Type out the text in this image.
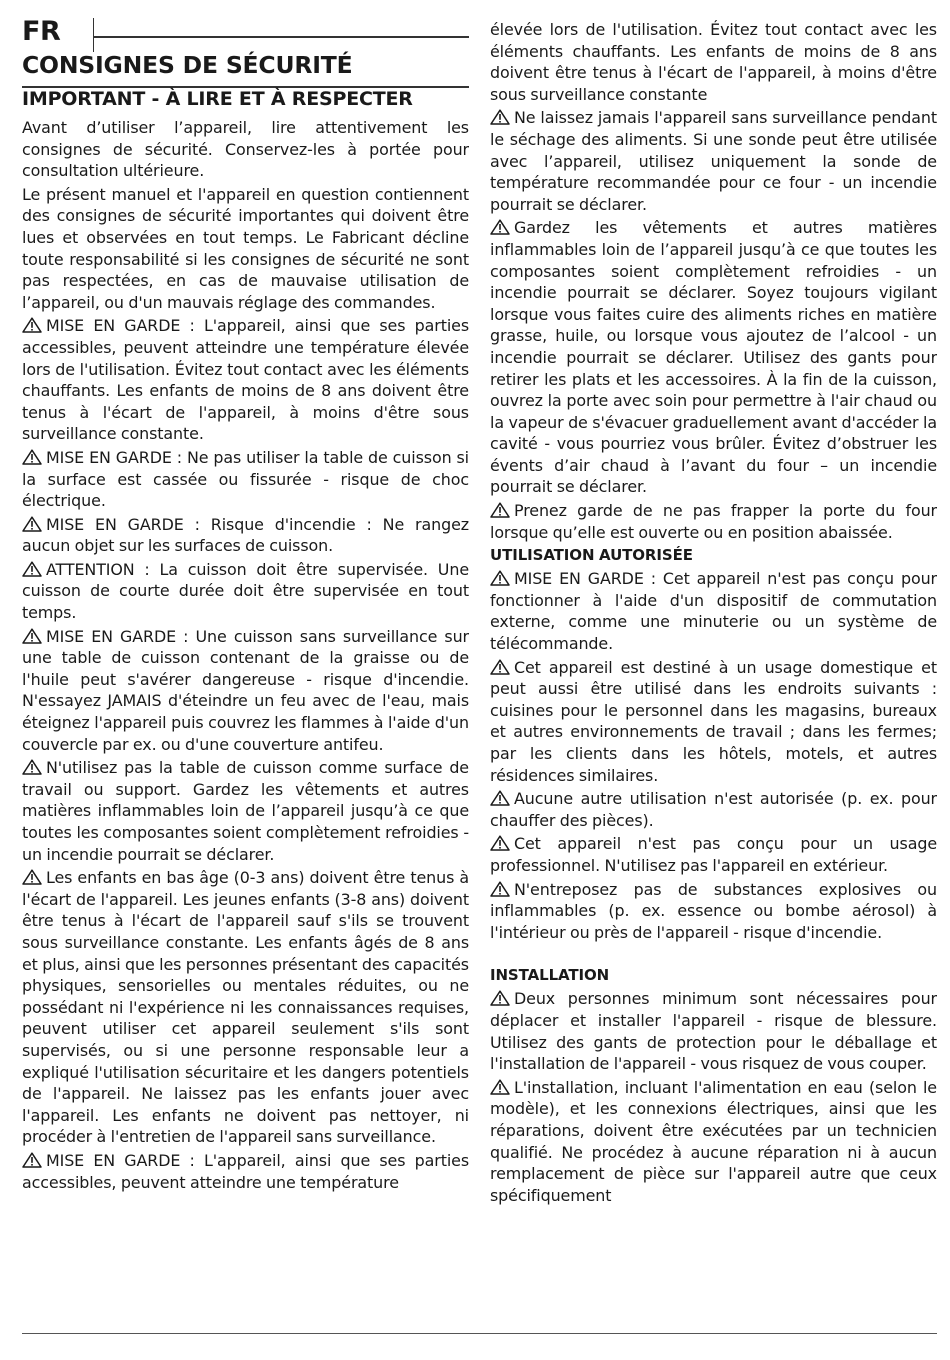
FR
CONSIGNES DE SÉCURITÉ
IMPORTANT - À LIRE ET À RESPECTER

Avant d’utiliser l’appareil, lire attentivement les consignes de sécurité. Conservez-les à portée pour consultation ultérieure.

Le présent manuel et l'appareil en question contiennent des consignes de sécurité importantes qui doivent être lues et observées en tout temps. Le Fabricant décline toute responsabilité si les consignes de sécurité ne sont pas respectées, en cas de mauvaise utilisation de l’appareil, ou d'un mauvais réglage des commandes.

MISE EN GARDE : L'appareil, ainsi que ses parties accessibles, peuvent atteindre une température élevée lors de l'utilisation. Évitez tout contact avec les éléments chauffants. Les enfants de moins de 8 ans doivent être tenus à l'écart de l'appareil, à moins d'être sous surveillance constante.

MISE EN GARDE : Ne pas utiliser la table de cuisson si la surface est cassée ou fissurée - risque de choc électrique.

MISE EN GARDE : Risque d'incendie : Ne rangez aucun objet sur les surfaces de cuisson.

ATTENTION : La cuisson doit être supervisée. Une cuisson de courte durée doit être supervisée en tout temps.

MISE EN GARDE : Une cuisson sans surveillance sur une table de cuisson contenant de la graisse ou de l'huile peut s'avérer dangereuse - risque d'incendie. N'essayez JAMAIS d'éteindre un feu avec de l'eau, mais éteignez l'appareil puis couvrez les flammes à l'aide d'un couvercle par ex. ou d'une couverture antifeu.

N'utilisez pas la table de cuisson comme surface de travail ou support. Gardez les vêtements et autres matières inflammables loin de l’appareil jusqu’à ce que toutes les composantes soient complètement refroidies - un incendie pourrait se déclarer.

Les enfants en bas âge (0-3 ans) doivent être tenus à l'écart de l'appareil. Les jeunes enfants (3-8 ans) doivent être tenus à l'écart de l'appareil sauf s'ils se trouvent sous surveillance constante. Les enfants âgés de 8 ans et plus, ainsi que les personnes présentant des capacités physiques, sensorielles ou mentales réduites, ou ne possédant ni l'expérience ni les connaissances requises, peuvent utiliser cet appareil seulement s'ils sont supervisés, ou si une personne responsable leur a expliqué l'utilisation sécuritaire et les dangers potentiels de l'appareil. Ne laissez pas les enfants jouer avec l'appareil. Les enfants ne doivent pas nettoyer, ni procéder à l'entretien de l'appareil sans surveillance.

MISE EN GARDE : L'appareil, ainsi que ses parties accessibles, peuvent atteindre une température

élevée lors de l'utilisation. Évitez tout contact avec les éléments chauffants. Les enfants de moins de 8 ans doivent être tenus à l'écart de l'appareil, à moins d'être sous surveillance constante

Ne laissez jamais l'appareil sans surveillance pendant le séchage des aliments. Si une sonde peut être utilisée avec l’appareil, utilisez uniquement la sonde de température recommandée pour ce four - un incendie pourrait se déclarer.

Gardez les vêtements et autres matières inflammables loin de l’appareil jusqu’à ce que toutes les composantes soient complètement refroidies - un incendie pourrait se déclarer. Soyez toujours vigilant lorsque vous faites cuire des aliments riches en matière grasse, huile, ou lorsque vous ajoutez de l’alcool - un incendie pourrait se déclarer. Utilisez des gants pour retirer les plats et les accessoires. À la fin de la cuisson, ouvrez la porte avec soin pour permettre à l'air chaud ou la vapeur de s'évacuer graduellement avant d'accéder la cavité - vous pourriez vous brûler. Évitez d’obstruer les évents d’air chaud à l’avant du four – un incendie pourrait se déclarer.

Prenez garde de ne pas frapper la porte du four lorsque qu’elle est ouverte ou en position abaissée.

UTILISATION AUTORISÉE

MISE EN GARDE : Cet appareil n'est pas conçu pour fonctionner à l'aide d'un dispositif de commutation externe, comme une minuterie ou un système de télécommande.

Cet appareil est destiné à un usage domestique et peut aussi être utilisé dans les endroits suivants : cuisines pour le personnel dans les magasins, bureaux et autres environnements de travail ; dans les fermes; par les clients dans les hôtels, motels, et autres résidences similaires.

Aucune autre utilisation n'est autorisée (p. ex. pour chauffer des pièces).

Cet appareil n'est pas conçu pour un usage professionnel. N'utilisez pas l'appareil en extérieur.

N'entreposez pas de substances explosives ou inflammables (p. ex. essence ou bombe aérosol) à l'intérieur ou près de l'appareil - risque d'incendie.

INSTALLATION

Deux personnes minimum sont nécessaires pour déplacer et installer l'appareil - risque de blessure. Utilisez des gants de protection pour le déballage et l'installation de l'appareil - vous risquez de vous couper.

L'installation, incluant l'alimentation en eau (selon le modèle), et les connexions électriques, ainsi que les réparations, doivent être exécutées par un technicien qualifié. Ne procédez à aucune réparation ni à aucun remplacement de pièce sur l'appareil autre que ceux spécifiquement
